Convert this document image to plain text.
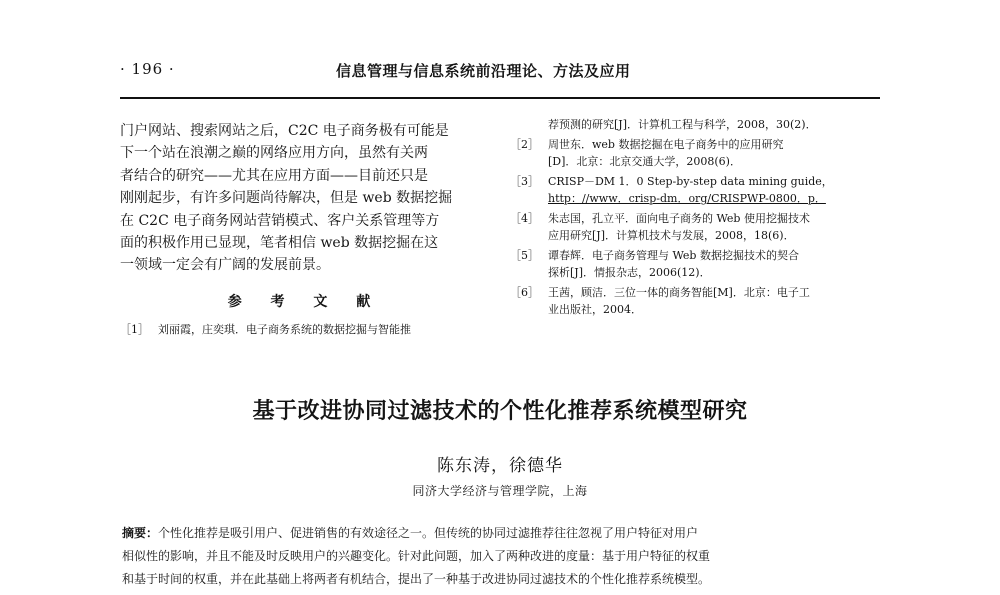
· 196 ·	信息管理与信息系统前沿理论、方法及应用
门户网站、搜索网站之后，C2C 电子商务极有可能是
下一个站在浪潮之巅的网络应用方向，虽然有关两
者结合的研究——尤其在应用方面——目前还只是
刚刚起步，有许多问题尚待解决，但是 web 数据挖掘
在 C2C 电子商务网站营销模式、客户关系管理等方
面的积极作用已显现，笔者相信 web 数据挖掘在这
一领域一定会有广阔的发展前景。
参 考 文 献
［1］ 刘丽霞，庄奕琪．电子商务系统的数据挖掘与智能推
荐预测的研究[J]．计算机工程与科学，2008，30(2)．
［2］ 周世东．web 数据挖掘在电子商务中的应用研究
[D]．北京：北京交通大学，2008(6)．
［3］ CRISP－DM 1．0 Step-by-step data mining guide，
http：//www．crisp-dm．org/CRISPWP-0800．p．
［4］ 朱志国，孔立平．面向电子商务的 Web 使用挖掘技术
应用研究[J]．计算机技术与发展，2008，18(6)．
［5］ 谭春辉．电子商务管理与 Web 数据挖掘技术的契合
探析[J]．情报杂志，2006(12)．
［6］ 王茜，顾洁．三位一体的商务智能[M]．北京：电子工
业出版社，2004．
基于改进协同过滤技术的个性化推荐系统模型研究
陈东涛，徐德华
同济大学经济与管理学院，上海
摘要：个性化推荐是吸引用户、促进销售的有效途径之一。但传统的协同过滤推荐往往忽视了用户特征对用户
相似性的影响，并且不能及时反映用户的兴趣变化。针对此问题，加入了两种改进的度量：基于用户特征的权重
和基于时间的权重，并在此基础上将两者有机结合，提出了一种基于改进协同过滤技术的个性化推荐系统模型。
